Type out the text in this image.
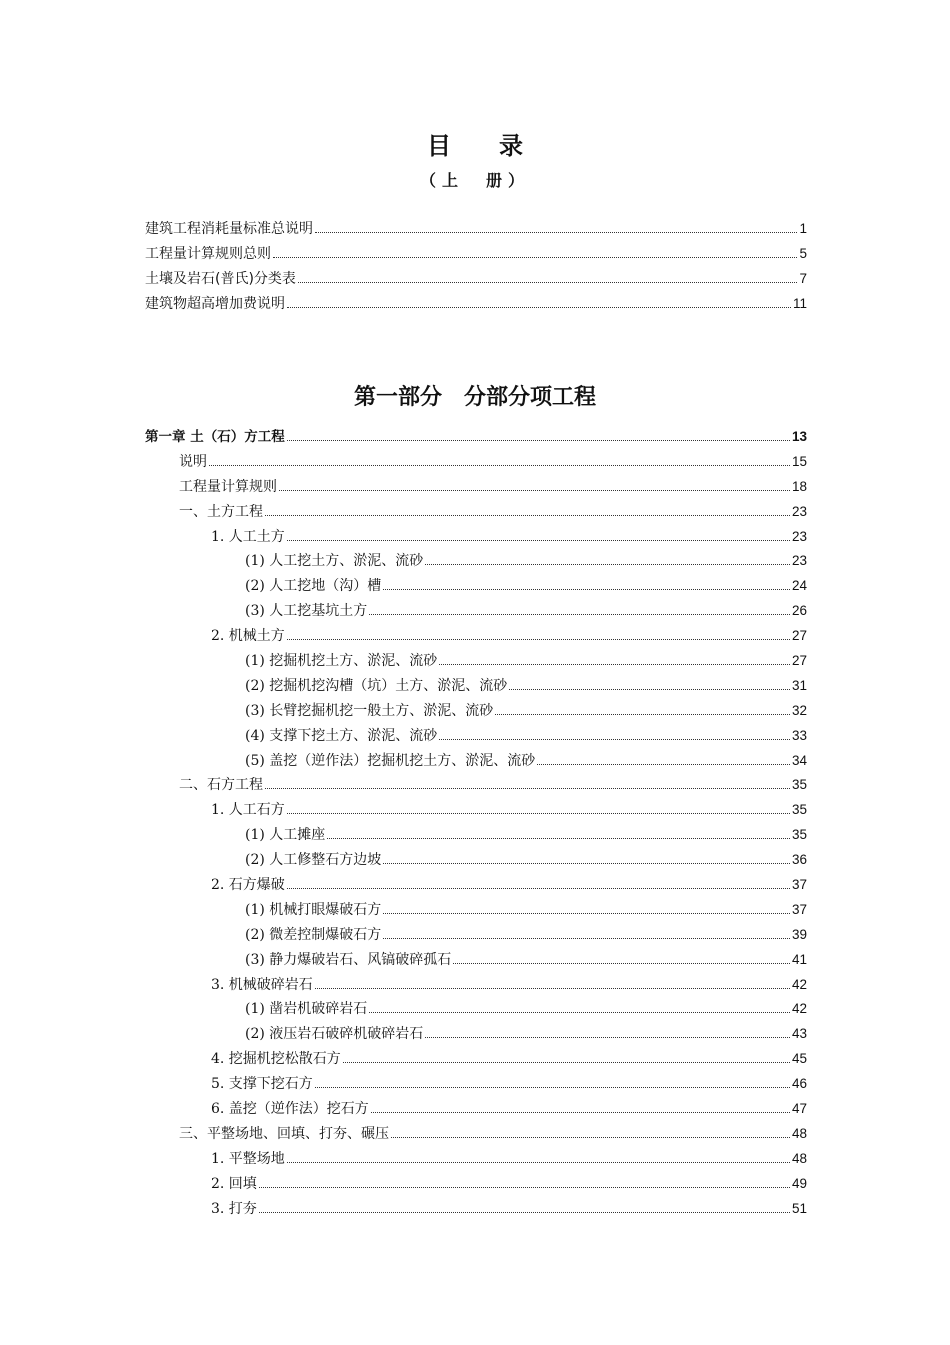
目录
（上　册）
建筑工程消耗量标准总说明	1
工程量计算规则总则	5
土壤及岩石(普氏)分类表	7
建筑物超高增加费说明	11
第一部分　分部分项工程
第一章 土（石）方工程	13
说明	15
工程量计算规则	18
一、土方工程	23
1. 人工土方	23
(1) 人工挖土方、淤泥、流砂	23
(2) 人工挖地（沟）槽	24
(3) 人工挖基坑土方	26
2. 机械土方	27
(1) 挖掘机挖土方、淤泥、流砂	27
(2) 挖掘机挖沟槽（坑）土方、淤泥、流砂	31
(3) 长臂挖掘机挖一般土方、淤泥、流砂	32
(4) 支撑下挖土方、淤泥、流砂	33
(5) 盖挖（逆作法）挖掘机挖土方、淤泥、流砂	34
二、石方工程	35
1. 人工石方	35
(1) 人工摊座	35
(2) 人工修整石方边坡	36
2. 石方爆破	37
(1) 机械打眼爆破石方	37
(2) 微差控制爆破石方	39
(3) 静力爆破岩石、风镐破碎孤石	41
3. 机械破碎岩石	42
(1) 凿岩机破碎岩石	42
(2) 液压岩石破碎机破碎岩石	43
4. 挖掘机挖松散石方	45
5. 支撑下挖石方	46
6. 盖挖（逆作法）挖石方	47
三、平整场地、回填、打夯、碾压	48
1. 平整场地	48
2. 回填	49
3. 打夯	51
